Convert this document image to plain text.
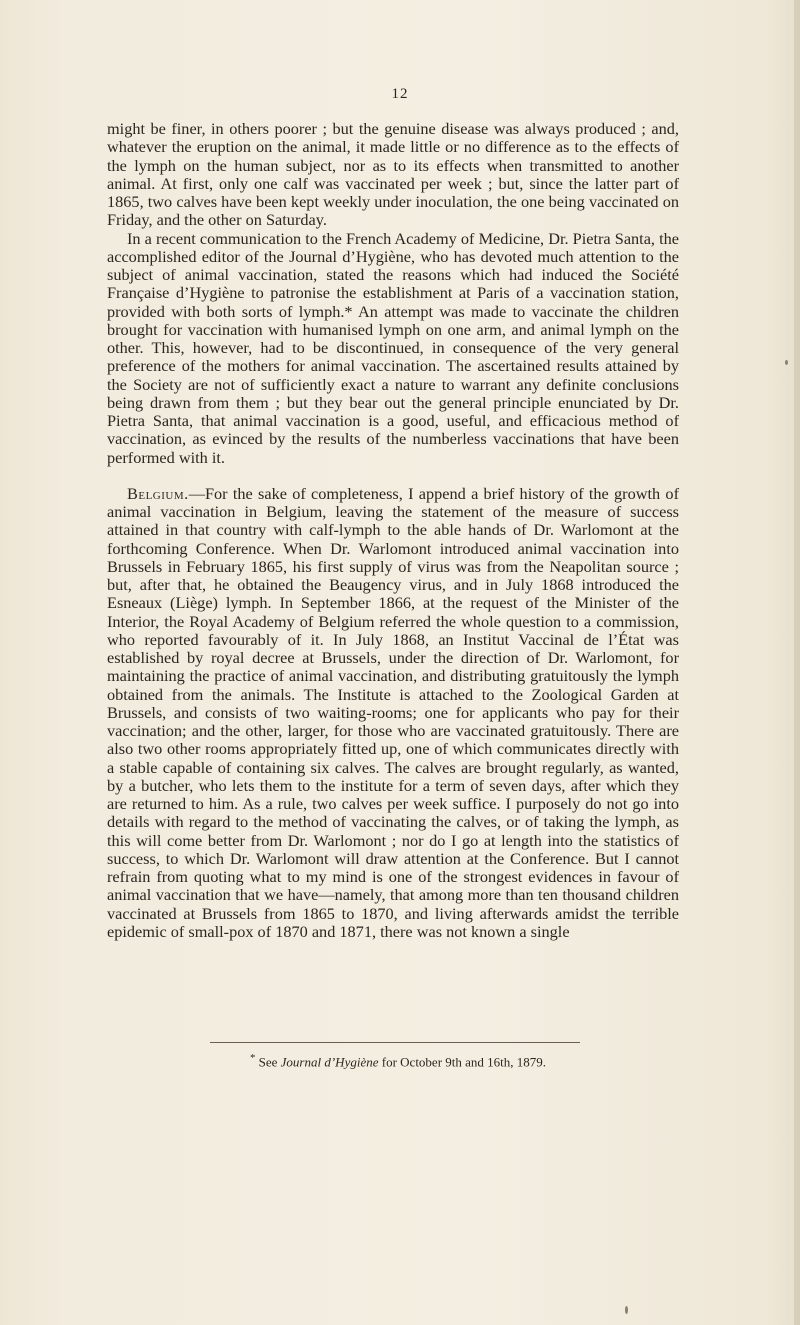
12

might be finer, in others poorer ; but the genuine disease was always produced ; and, whatever the eruption on the animal, it made little or no difference as to the effects of the lymph on the human subject, nor as to its effects when transmitted to another animal. At first, only one calf was vaccinated per week ; but, since the latter part of 1865, two calves have been kept weekly under inoculation, the one being vaccinated on Friday, and the other on Saturday.

In a recent communication to the French Academy of Medicine, Dr. Pietra Santa, the accomplished editor of the Journal d’Hygiène, who has devoted much attention to the subject of animal vaccination, stated the reasons which had induced the Société Française d’Hygiène to patronise the establishment at Paris of a vaccination station, provided with both sorts of lymph.* An attempt was made to vaccinate the children brought for vaccination with humanised lymph on one arm, and animal lymph on the other. This, however, had to be discontinued, in consequence of the very general preference of the mothers for animal vaccination. The ascertained results attained by the Society are not of sufficiently exact a nature to warrant any definite conclusions being drawn from them ; but they bear out the general principle enunciated by Dr. Pietra Santa, that animal vaccination is a good, useful, and efficacious method of vaccination, as evinced by the results of the numberless vaccinations that have been performed with it.

Belgium.—For the sake of completeness, I append a brief history of the growth of animal vaccination in Belgium, leaving the statement of the measure of success attained in that country with calf-lymph to the able hands of Dr. Warlomont at the forthcoming Conference. When Dr. Warlomont introduced animal vaccination into Brussels in February 1865, his first supply of virus was from the Neapolitan source ; but, after that, he obtained the Beaugency virus, and in July 1868 introduced the Esneaux (Liège) lymph. In September 1866, at the request of the Minister of the Interior, the Royal Academy of Belgium referred the whole question to a commission, who reported favourably of it. In July 1868, an Institut Vaccinal de l’État was established by royal decree at Brussels, under the direction of Dr. Warlomont, for maintaining the practice of animal vaccination, and distributing gratuitously the lymph obtained from the animals. The Institute is attached to the Zoological Garden at Brussels, and consists of two waiting-rooms; one for applicants who pay for their vaccination; and the other, larger, for those who are vaccinated gratuitously. There are also two other rooms appropriately fitted up, one of which communicates directly with a stable capable of containing six calves. The calves are brought regularly, as wanted, by a butcher, who lets them to the institute for a term of seven days, after which they are returned to him. As a rule, two calves per week suffice. I purposely do not go into details with regard to the method of vaccinating the calves, or of taking the lymph, as this will come better from Dr. Warlomont ; nor do I go at length into the statistics of success, to which Dr. Warlomont will draw attention at the Conference. But I cannot refrain from quoting what to my mind is one of the strongest evidences in favour of animal vaccination that we have—namely, that among more than ten thousand children vaccinated at Brussels from 1865 to 1870, and living afterwards amidst the terrible epidemic of small-pox of 1870 and 1871, there was not known a single

* See Journal d’Hygiène for October 9th and 16th, 1879.
